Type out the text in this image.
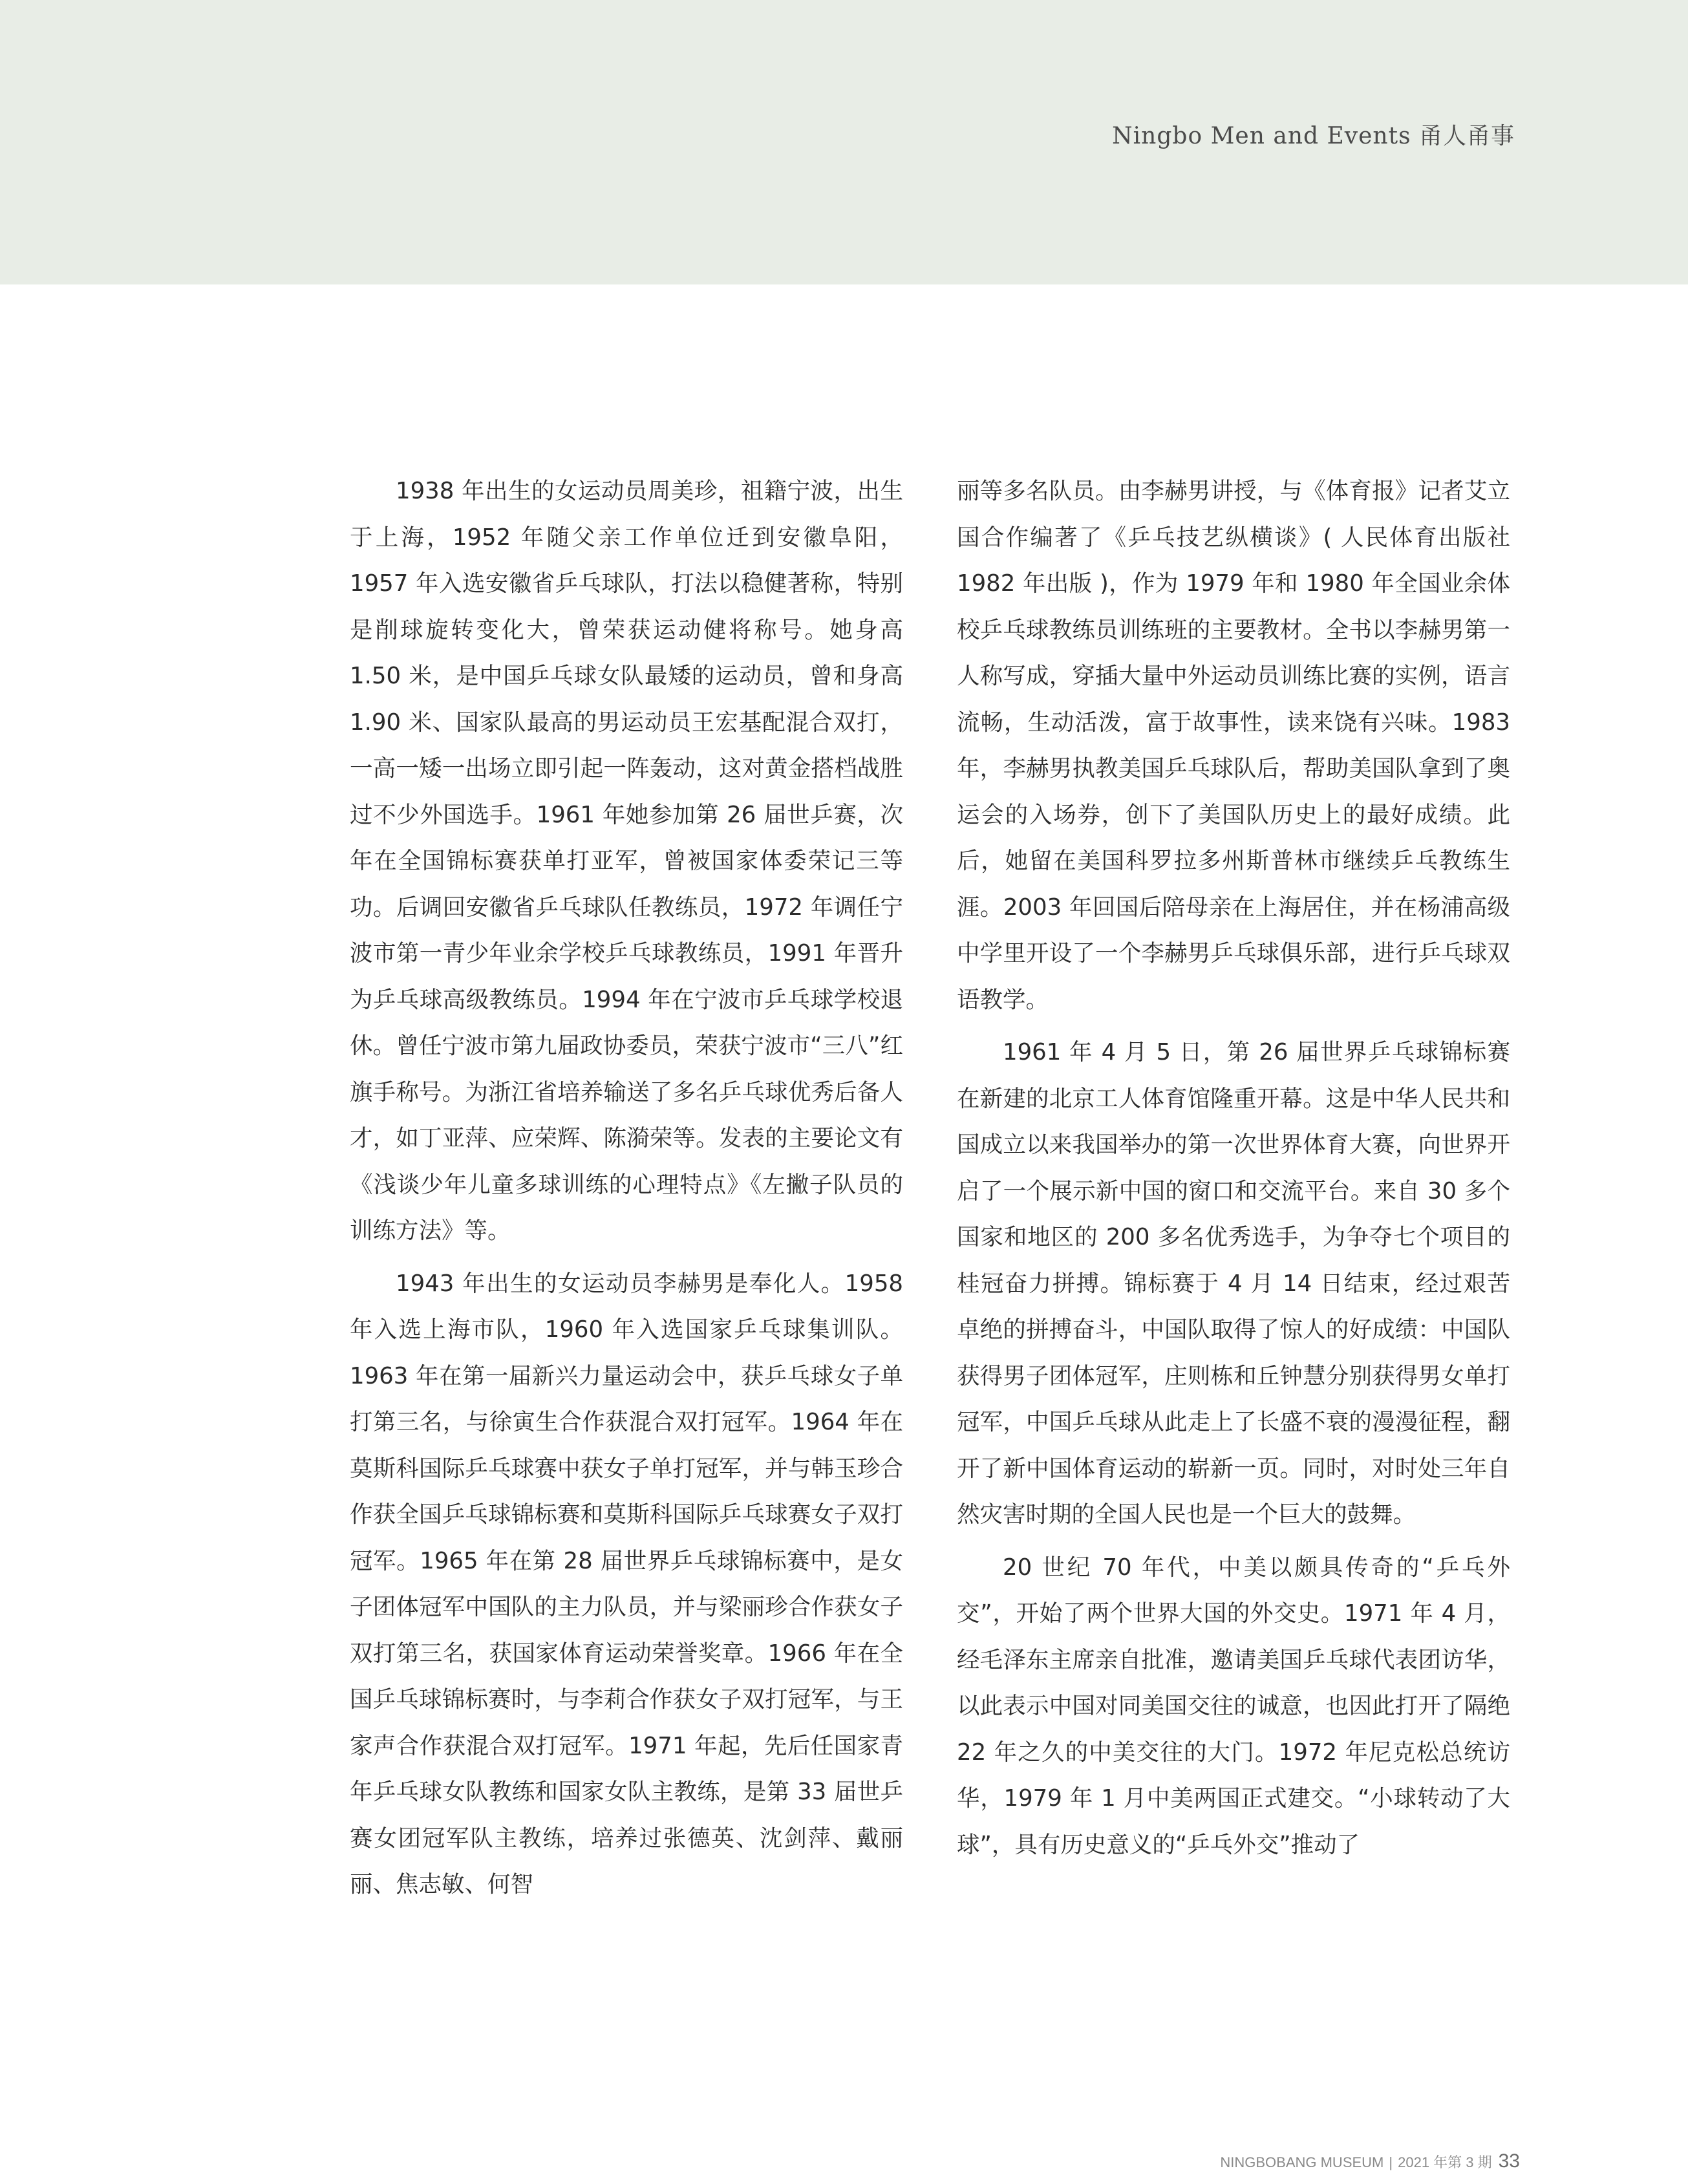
Ningbo Men and Events 甬人甬事

1938 年出生的女运动员周美珍，祖籍宁波，出生于上海，1952 年随父亲工作单位迁到安徽阜阳，1957 年入选安徽省乒乓球队，打法以稳健著称，特别是削球旋转变化大，曾荣获运动健将称号。她身高 1.50 米，是中国乒乓球女队最矮的运动员，曾和身高 1.90 米、国家队最高的男运动员王宏基配混合双打，一高一矮一出场立即引起一阵轰动，这对黄金搭档战胜过不少外国选手。1961 年她参加第 26 届世乒赛，次年在全国锦标赛获单打亚军，曾被国家体委荣记三等功。后调回安徽省乒乓球队任教练员，1972 年调任宁波市第一青少年业余学校乒乓球教练员，1991 年晋升为乒乓球高级教练员。1994 年在宁波市乒乓球学校退休。曾任宁波市第九届政协委员，荣获宁波市“三八”红旗手称号。为浙江省培养输送了多名乒乓球优秀后备人才，如丁亚萍、应荣辉、陈漪荣等。发表的主要论文有《浅谈少年儿童多球训练的心理特点》《左撇子队员的训练方法》等。

1943 年出生的女运动员李赫男是奉化人。1958 年入选上海市队，1960 年入选国家乒乓球集训队。1963 年在第一届新兴力量运动会中，获乒乓球女子单打第三名，与徐寅生合作获混合双打冠军。1964 年在莫斯科国际乒乓球赛中获女子单打冠军，并与韩玉珍合作获全国乒乓球锦标赛和莫斯科国际乒乓球赛女子双打冠军。1965 年在第 28 届世界乒乓球锦标赛中，是女子团体冠军中国队的主力队员，并与梁丽珍合作获女子双打第三名，获国家体育运动荣誉奖章。1966 年在全国乒乓球锦标赛时，与李莉合作获女子双打冠军，与王家声合作获混合双打冠军。1971 年起，先后任国家青年乒乓球女队教练和国家女队主教练，是第 33 届世乒赛女团冠军队主教练，培养过张德英、沈剑萍、戴丽丽、焦志敏、何智

丽等多名队员。由李赫男讲授，与《体育报》记者艾立国合作编著了《乒乓技艺纵横谈》( 人民体育出版社 1982 年出版 )，作为 1979 年和 1980 年全国业余体校乒乓球教练员训练班的主要教材。全书以李赫男第一人称写成，穿插大量中外运动员训练比赛的实例，语言流畅，生动活泼，富于故事性，读来饶有兴味。1983 年，李赫男执教美国乒乓球队后，帮助美国队拿到了奥运会的入场券，创下了美国队历史上的最好成绩。此后，她留在美国科罗拉多州斯普林市继续乒乓教练生涯。2003 年回国后陪母亲在上海居住，并在杨浦高级中学里开设了一个李赫男乒乓球俱乐部，进行乒乓球双语教学。

1961 年 4 月 5 日，第 26 届世界乒乓球锦标赛在新建的北京工人体育馆隆重开幕。这是中华人民共和国成立以来我国举办的第一次世界体育大赛，向世界开启了一个展示新中国的窗口和交流平台。来自 30 多个国家和地区的 200 多名优秀选手，为争夺七个项目的桂冠奋力拼搏。锦标赛于 4 月 14 日结束，经过艰苦卓绝的拼搏奋斗，中国队取得了惊人的好成绩：中国队获得男子团体冠军，庄则栋和丘钟慧分别获得男女单打冠军，中国乒乓球从此走上了长盛不衰的漫漫征程，翻开了新中国体育运动的崭新一页。同时，对时处三年自然灾害时期的全国人民也是一个巨大的鼓舞。

20 世纪 70 年代，中美以颇具传奇的“乒乓外交”，开始了两个世界大国的外交史。1971 年 4 月，经毛泽东主席亲自批准，邀请美国乒乓球代表团访华，以此表示中国对同美国交往的诚意，也因此打开了隔绝 22 年之久的中美交往的大门。1972 年尼克松总统访华，1979 年 1 月中美两国正式建交。“小球转动了大球”，具有历史意义的“乒乓外交”推动了

NINGBOBANG MUSEUM | 2021 年第 3 期 33
